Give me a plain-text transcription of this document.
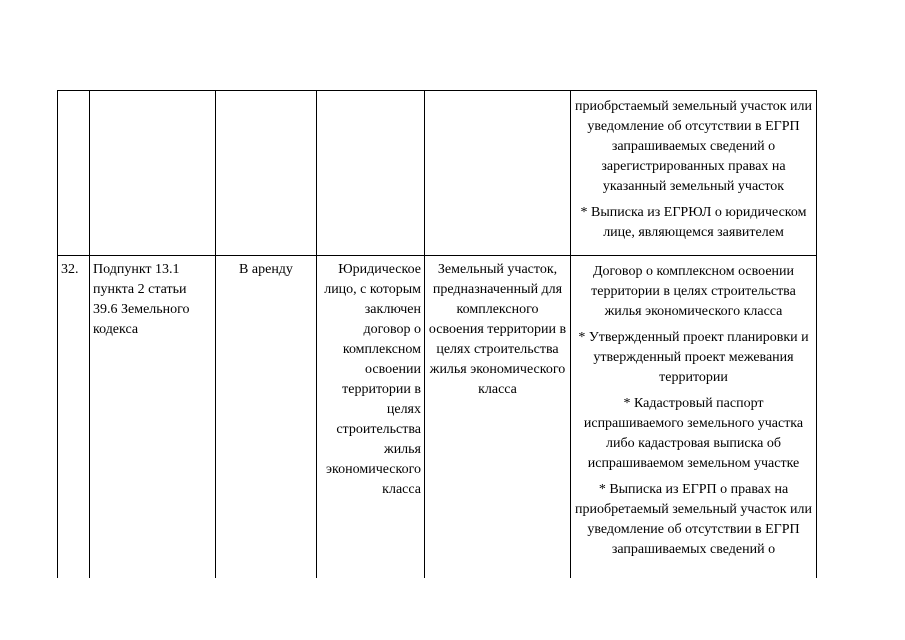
					приобрстаемый земельный участок или уведомление об отсутствии в ЕГРП запрашиваемых сведений о зарегистрированных правах на указанный земельный участок

* Выписка из ЕГРЮЛ о юридическом лице, являющемся заявителем

32.	Подпункт 13.1 пункта 2 статьи 39.6 Земельного кодекса	В аренду	Юридическое лицо, с которым заключен договор о комплексном освоении территории в целях строительства жилья экономического класса	Земельный участок, предназначенный для комплексного освоения территории в целях строительства жилья экономического класса	Договор о комплексном освоении территории в целях строительства жилья экономического класса

* Утвержденный проект планировки и утвержденный проект межевания территории

* Кадастровый паспорт испрашиваемого земельного участка либо кадастровая выписка об испрашиваемом земельном участке

* Выписка из ЕГРП о правах на приобретаемый земельный участок или уведомление об отсутствии в ЕГРП запрашиваемых сведений о
